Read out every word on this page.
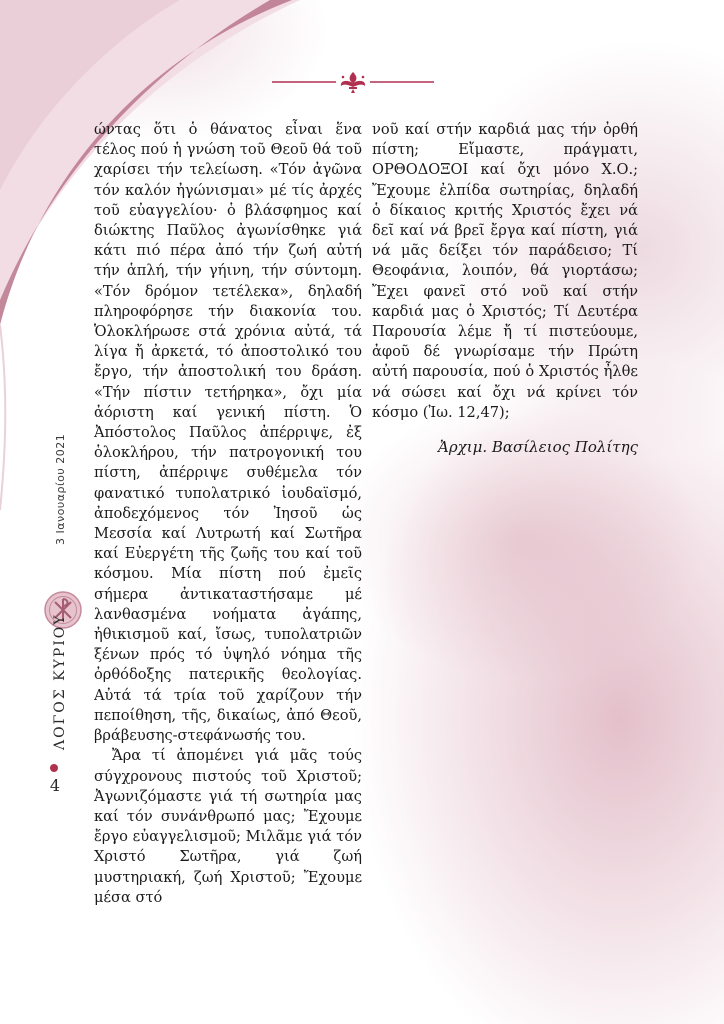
ώντας ὅτι ὁ θάνατος εἶναι ἕνα τέλος πού ἡ γνώση τοῦ Θεοῦ θά τοῦ χαρίσει τήν τελείωση. «Τόν ἀγῶνα τόν καλόν ἠγώνισμαι» μέ τίς ἀρχές τοῦ εὐαγγελίου· ὁ βλάσφημος καί διώκτης Παῦλος ἀγωνίσθηκε γιά κάτι πιό πέρα ἀπό τήν ζωή αὐτή τήν ἁπλή, τήν γήινη, τήν σύντομη. «Τόν δρόμον τετέλεκα», δηλαδή πληροφόρησε τήν διακονία του. Ὁλοκλήρωσε στά χρόνια αὐτά, τά λίγα ἤ ἀρκετά, τό ἀποστολικό του ἔργο, τήν ἀποστολική του δράση. «Τήν πίστιν τετήρηκα», ὄχι μία ἀόριστη καί γενική πίστη. Ὁ Ἀπόστολος Παῦλος ἀπέρριψε, ἐξ ὁλοκλήρου, τήν πατρογονική του πίστη, ἀπέρριψε συθέμελα τόν φανατικό τυπολατρικό ἰουδαϊσμό, ἀποδεχόμενος τόν Ἰησοῦ ὡς Μεσσία καί Λυτρωτή καί Σωτῆρα καί Εὐεργέτη τῆς ζωῆς του καί τοῦ κόσμου. Μία πίστη πού ἐμεῖς σήμερα ἀντικαταστήσαμε μέ λανθασμένα νοήματα ἀγάπης, ἠθικισμοῦ καί, ἴσως, τυπολατριῶν ξένων πρός τό ὑψηλό νόημα τῆς ὀρθόδοξης πατερικῆς θεολογίας. Αὐτά τά τρία τοῦ χαρίζουν τήν πεποίθηση, τῆς, δικαίως, ἀπό Θεοῦ, βράβευσης-στεφάνωσής του.

Ἄρα τί ἀπομένει γιά μᾶς τούς σύγχρονους πιστούς τοῦ Χριστοῦ; Ἀγωνιζόμαστε γιά τή σωτηρία μας καί τόν συνάνθρωπό μας; Ἔχουμε ἔργο εὐαγγελισμοῦ; Μιλᾶμε γιά τόν Χριστό Σωτῆρα, γιά ζωή μυστηριακή, ζωή Χριστοῦ; Ἔχουμε μέσα στό

νοῦ καί στήν καρδιά μας τήν ὀρθή πίστη; Εἴμαστε, πράγματι, ΟΡΘΟΔΟΞΟΙ καί ὄχι μόνο Χ.Ο.; Ἔχουμε ἐλπίδα σωτηρίας, δηλαδή ὁ δίκαιος κριτής Χριστός ἔχει νά δεῖ καί νά βρεῖ ἔργα καί πίστη, γιά νά μᾶς δείξει τόν παράδεισο; Τί Θεοφάνια, λοιπόν, θά γιορτάσω; Ἔχει φανεῖ στό νοῦ καί στήν καρδιά μας ὁ Χριστός; Τί Δευτέρα Παρουσία λέμε ἤ τί πιστεύουμε, ἀφοῦ δέ γνωρίσαμε τήν Πρώτη αὐτή παρουσία, πού ὁ Χριστός ἦλθε νά σώσει καί ὄχι νά κρίνει τόν κόσμο (Ἰω. 12,47);

Ἀρχιμ. Βασίλειος Πολίτης

3 Ιανουαρίου 2021
ΛΟΓΟΣ ΚΥΡΙΟΥ
4
